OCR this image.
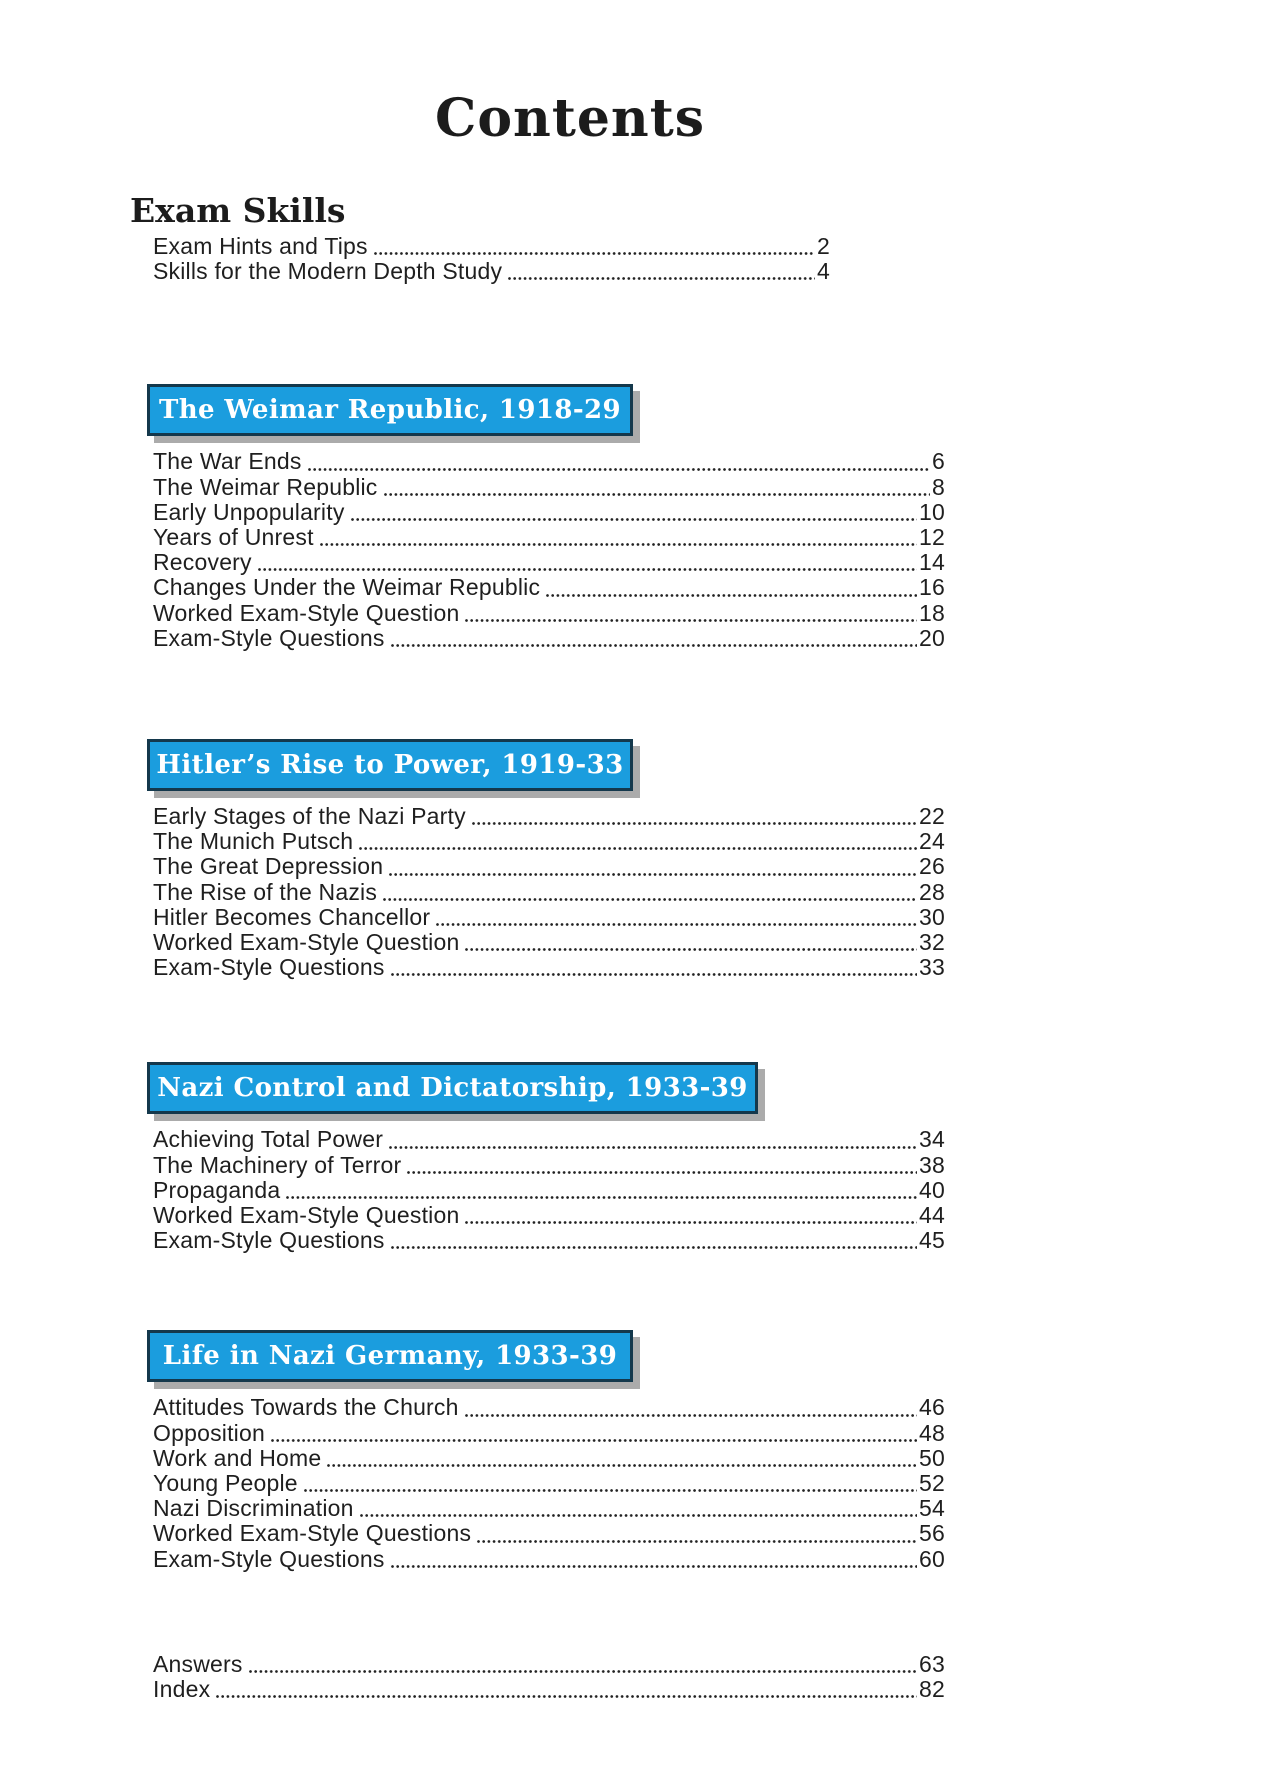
Contents
Exam Skills
Exam Hints and Tips	2
Skills for the Modern Depth Study	4
The Weimar Republic, 1918-29
The War Ends	6
The Weimar Republic	8
Early Unpopularity	10
Years of Unrest	12
Recovery	14
Changes Under the Weimar Republic	16
Worked Exam-Style Question	18
Exam-Style Questions	20
Hitler’s Rise to Power, 1919-33
Early Stages of the Nazi Party	22
The Munich Putsch	24
The Great Depression	26
The Rise of the Nazis	28
Hitler Becomes Chancellor	30
Worked Exam-Style Question	32
Exam-Style Questions	33
Nazi Control and Dictatorship, 1933-39
Achieving Total Power	34
The Machinery of Terror	38
Propaganda	40
Worked Exam-Style Question	44
Exam-Style Questions	45
Life in Nazi Germany, 1933-39
Attitudes Towards the Church	46
Opposition	48
Work and Home	50
Young People	52
Nazi Discrimination	54
Worked Exam-Style Questions	56
Exam-Style Questions	60
Answers	63
Index	82
